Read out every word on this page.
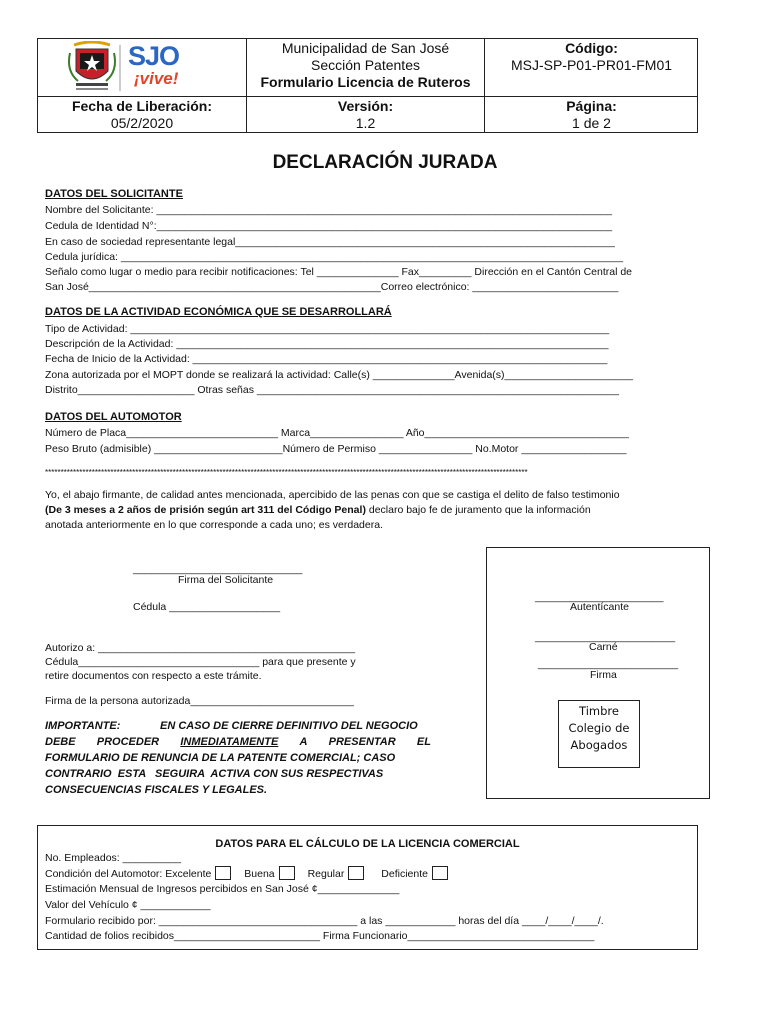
SJO
¡vive!
Municipalidad de San José
Sección Patentes
Formulario Licencia de Ruteros
Código:
MSJ-SP-P01-PR01-FM01
Fecha de Liberación:
05/2/2020
Versión:
1.2
Página:
1 de 2
DECLARACIÓN JURADA
DATOS DEL SOLICITANTE
Nombre del Solicitante: ______________________________________________________________________________
Cedula de Identidad N°:______________________________________________________________________________
En caso de sociedad representante legal_________________________________________________________________
Cedula jurídica: ______________________________________________________________________________________
Señalo como lugar o medio para recibir notificaciones: Tel ______________ Fax_________ Dirección en el Cantón Central de
San José__________________________________________________Correo electrónico: _________________________
DATOS DE LA ACTIVIDAD ECONÓMICA QUE SE DESARROLLARÁ
Tipo de Actividad: __________________________________________________________________________________
Descripción de la Actividad: __________________________________________________________________________
Fecha de Inicio de la Actividad: _______________________________________________________________________
Zona autorizada por el MOPT donde se realizará la actividad: Calle(s) ______________Avenida(s)______________________
Distrito____________________ Otras señas ______________________________________________________________
DATOS DEL AUTOMOTOR
Número de Placa__________________________ Marca________________ Año___________________________________
Peso Bruto (admisible) ______________________Número de Permiso ________________ No.Motor __________________
***********************************************************************************************************************************************************
Yo, el abajo firmante, de calidad antes mencionada, apercibido de las penas con que se castiga el delito de falso testimonio
(De 3 meses a 2 años de prisión según art 311 del Código Penal) declaro bajo fe de juramento que la información
anotada anteriormente en lo que corresponde a cada uno; es verdadera.
_____________________________
Firma del Solicitante
Cédula ___________________
Autorizo a: ____________________________________________
Cédula_______________________________ para que presente y
retire documentos con respecto a este trámite.
Firma de la persona autorizada____________________________
IMPORTANTE:	EN CASO DE CIERRE DEFINITIVO DEL NEGOCIO
DEBE PROCEDER INMEDIATAMENTE A PRESENTAR EL
FORMULARIO DE RENUNCIA DE LA PATENTE COMERCIAL; CASO
CONTRARIO  ESTA   SEGUIRA  ACTIVA CON SUS RESPECTIVAS
CONSECUENCIAS FISCALES Y LEGALES.
______________________
Autentícante
________________________
Carné
________________________
Firma
Timbre
Colegio de
Abogados
DATOS PARA EL CÁLCULO DE LA LICENCIA COMERCIAL
No. Empleados: __________
Condición del Automotor: Excelente	Buena	Regular	Deficiente
Estimación Mensual de Ingresos percibidos en San José ¢______________
Valor del Vehículo ¢ ____________
Formulario recibido por: __________________________________ a las ____________ horas del día ____/____/____/.
Cantidad de folios recibidos_________________________ Firma Funcionario________________________________
